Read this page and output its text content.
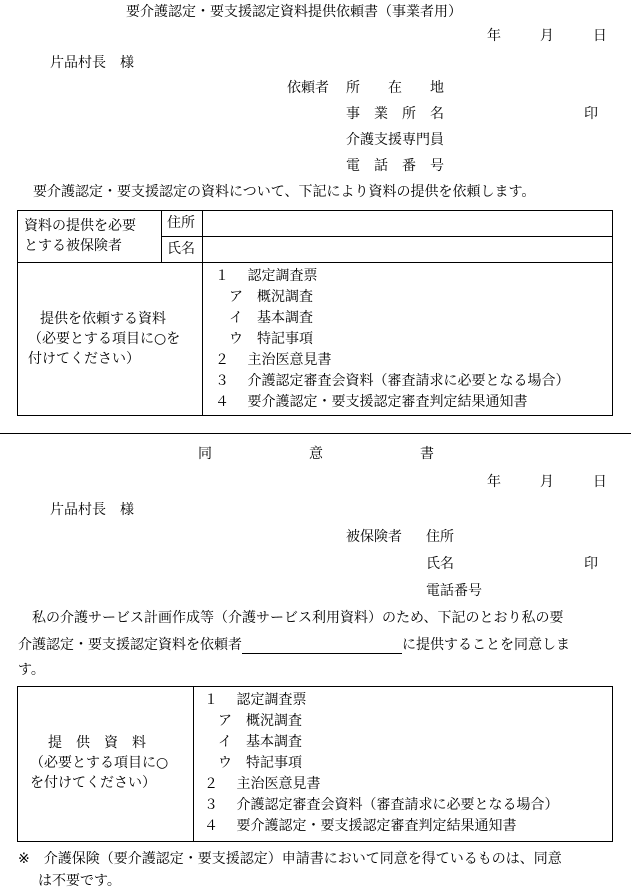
要介護認定・要支援認定資料提供依頼書（事業者用）
年	月	日
片品村長　様
依頼者 所　　在　　地
事　業　所　名	印
介護支援専門員
電　話　番　号
要介護認定・要支援認定の資料について、下記により資料の提供を依頼します。
資料の提供を必要
とする被保険者
住所
氏名
提供を依頼する資料
（必要とする項目に○を
付けてください）
１　 認定調査票
　ア　概況調査
　イ　基本調査
　ウ　特記事項
２　 主治医意見書
３　 介護認定審査会資料（審査請求に必要となる場合）
４　 要介護認定・要支援認定審査判定結果通知書
同	意	書
年	月	日
片品村長　様
被保険者 住所
氏名	印
電話番号
　私の介護サービス計画作成等（介護サービス利用資料）のため、下記のとおり私の要
介護認定・要支援認定資料を依頼者	に提供することを同意しま
す。
提　供　資　料
（必要とする項目に○
を付けてください）
１　 認定調査票
　ア　概況調査
　イ　基本調査
　ウ　特記事項
２　 主治医意見書
３　 介護認定審査会資料（審査請求に必要となる場合）
４　 要介護認定・要支援認定審査判定結果通知書
※　介護保険（要介護認定・要支援認定）申請書において同意を得ているものは、同意
は不要です。
